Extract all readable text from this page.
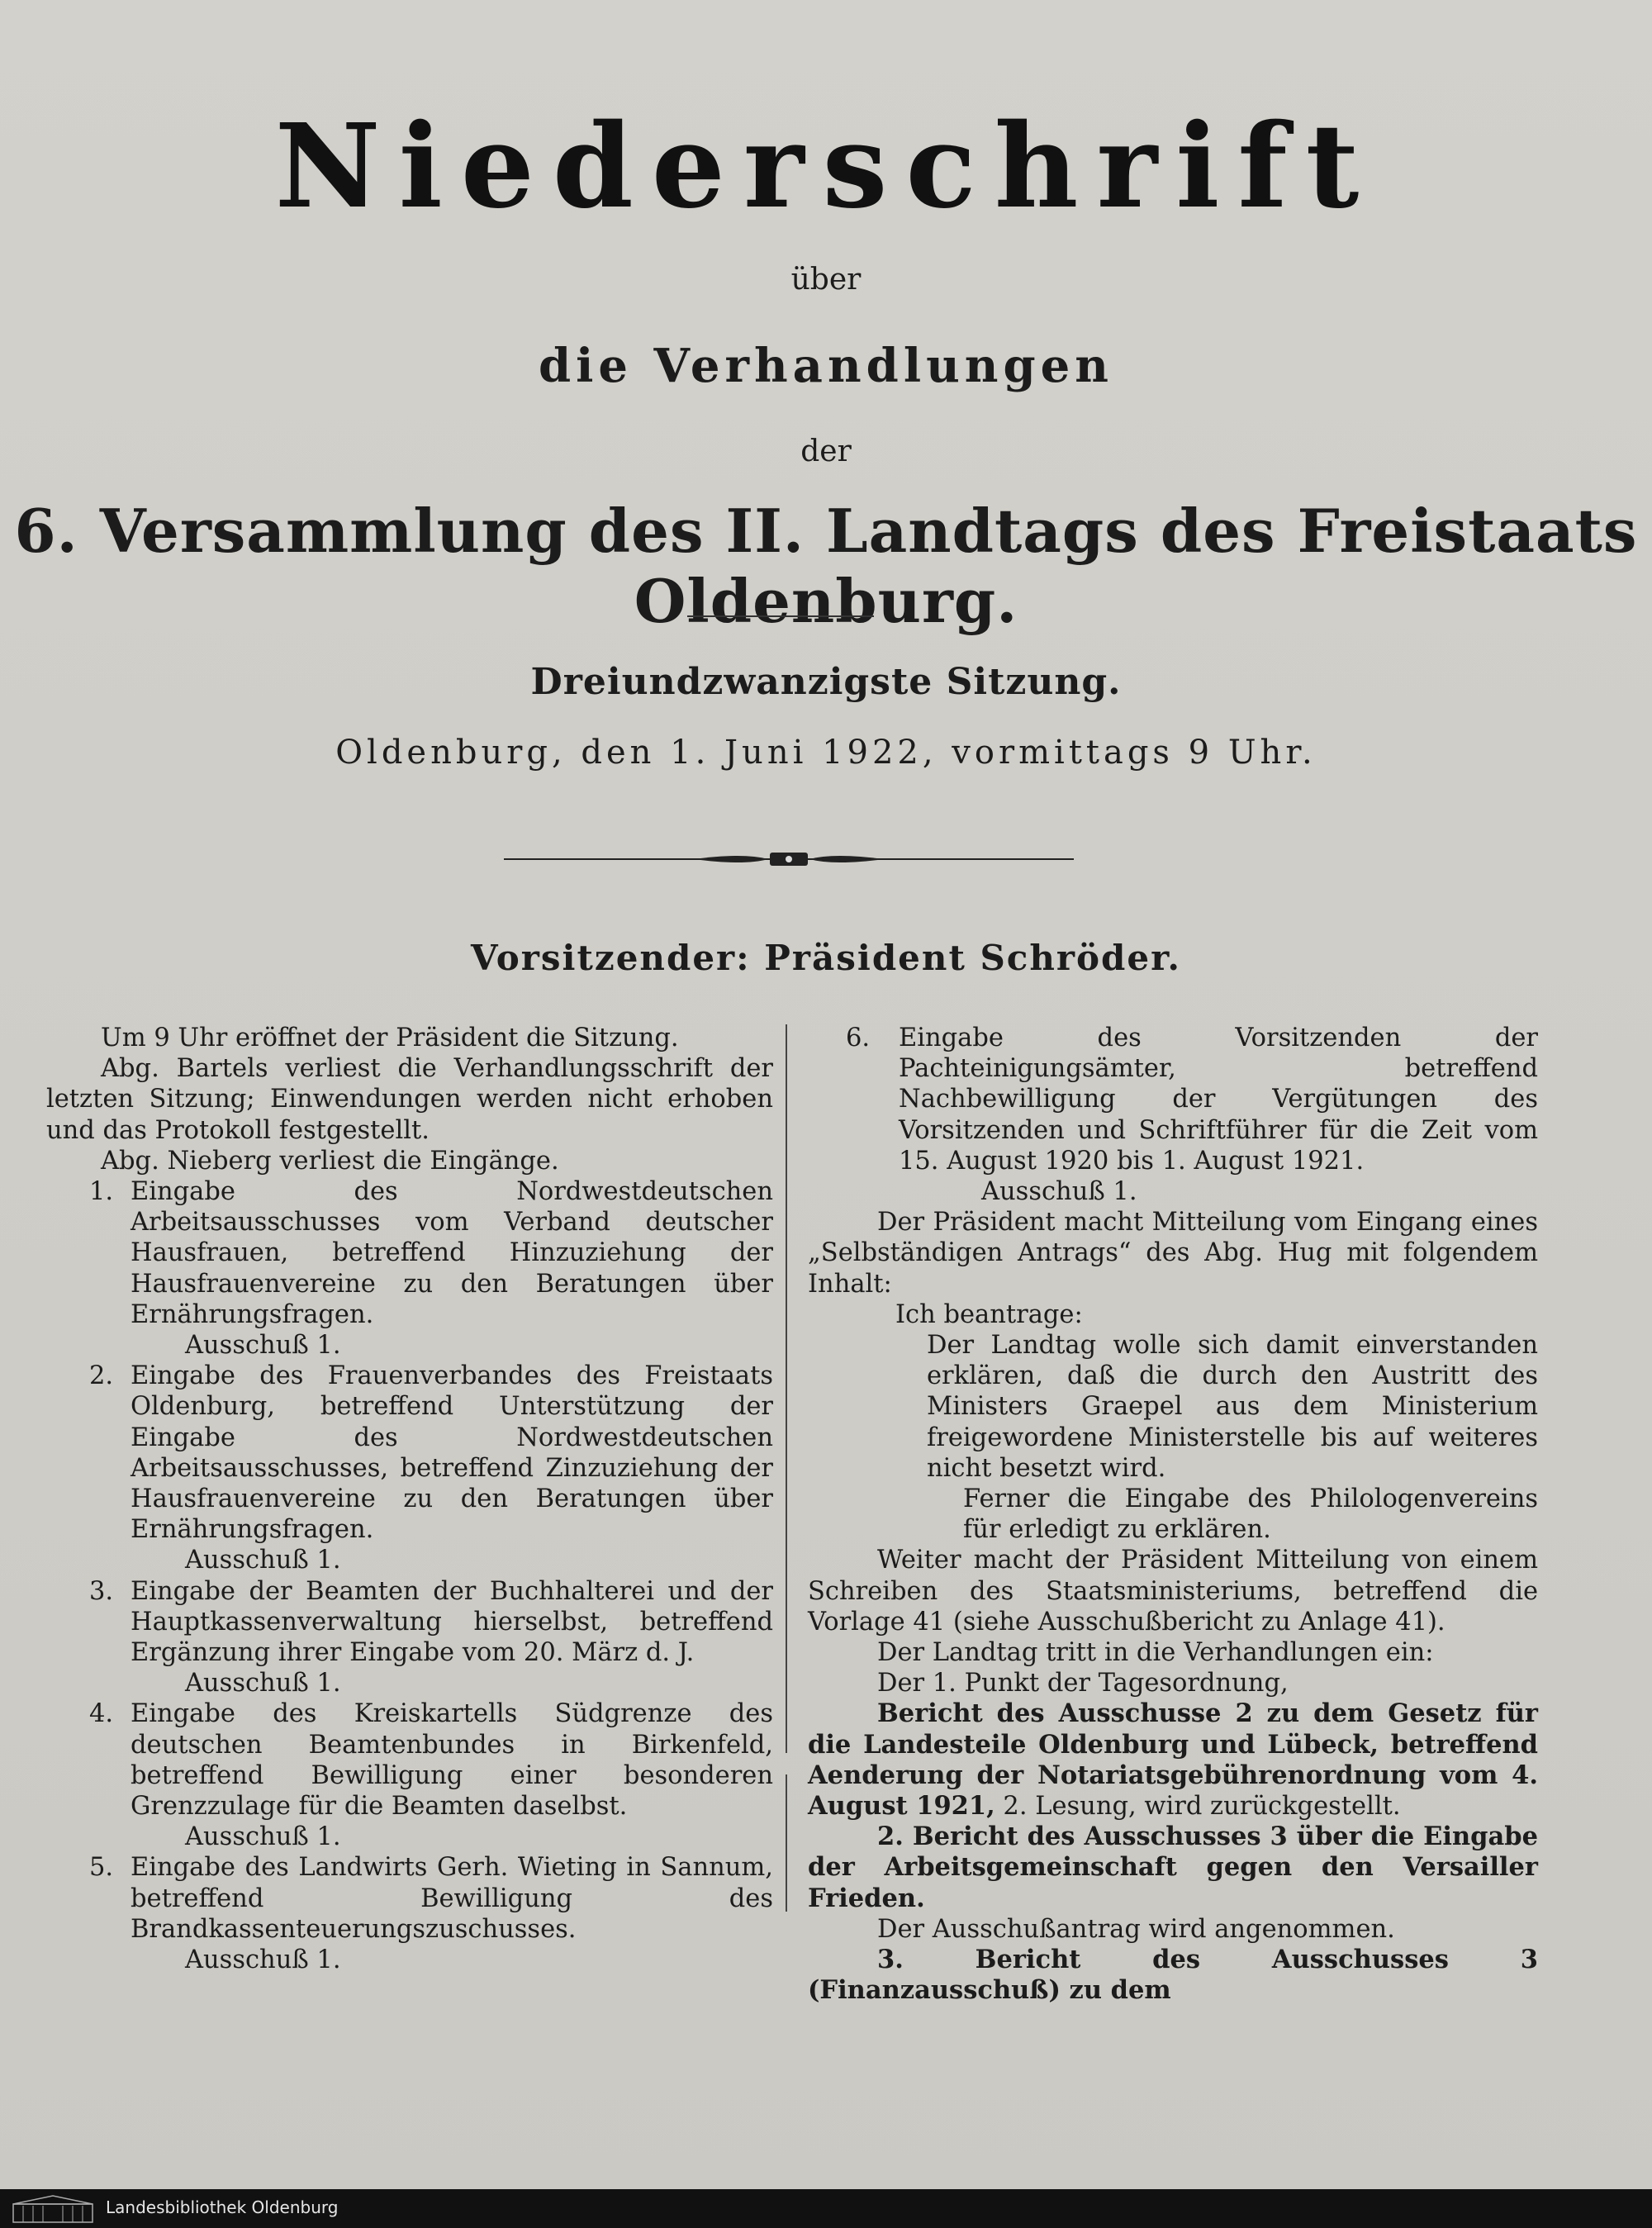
Niederschrift
über
die Verhandlungen
der
6. Versammlung des II. Landtags des Freistaats Oldenburg.
Dreiundzwanzigste Sitzung.
Oldenburg, den 1. Juni 1922, vormittags 9 Uhr.
Vorsitzender: Präsident Schröder.

Um 9 Uhr eröffnet der Präsident die Sitzung.

Abg. Bartels verliest die Verhandlungsschrift der letzten Sitzung; Einwendungen werden nicht erhoben und das Protokoll festgestellt.

Abg. Nieberg verliest die Eingänge.

1. Eingabe des Nordwestdeutschen Arbeitsausschusses vom Verband deutscher Hausfrauen, betreffend Hinzuziehung der Hausfrauenvereine zu den Beratungen über Ernährungsfragen.

Ausschuß 1.

2. Eingabe des Frauenverbandes des Freistaats Oldenburg, betreffend Unterstützung der Eingabe des Nordwestdeutschen Arbeitsausschusses, betreffend Zinzuziehung der Hausfrauenvereine zu den Beratungen über Ernährungsfragen.

Ausschuß 1.

3. Eingabe der Beamten der Buchhalterei und der Hauptkassenverwaltung hierselbst, betreffend Ergänzung ihrer Eingabe vom 20. März d. J.

Ausschuß 1.

4. Eingabe des Kreiskartells Südgrenze des deutschen Beamtenbundes in Birkenfeld, betreffend Bewilligung einer besonderen Grenzzulage für die Beamten daselbst.

Ausschuß 1.

5. Eingabe des Landwirts Gerh. Wieting in Sannum, betreffend Bewilligung des Brandkassenteuerungszuschusses.

Ausschuß 1.

6. Eingabe des Vorsitzenden der Pachteinigungsämter, betreffend Nachbewilligung der Vergütungen des Vorsitzenden und Schriftführer für die Zeit vom 15. August 1920 bis 1. August 1921.

Ausschuß 1.

Der Präsident macht Mitteilung vom Eingang eines „Selbständigen Antrags“ des Abg. Hug mit folgendem Inhalt:

Ich beantrage:

Der Landtag wolle sich damit einverstanden erklären, daß die durch den Austritt des Ministers Graepel aus dem Ministerium freigewordene Ministerstelle bis auf weiteres nicht besetzt wird.

Ferner die Eingabe des Philologenvereins für erledigt zu erklären.

Weiter macht der Präsident Mitteilung von einem Schreiben des Staatsministeriums, betreffend die Vorlage 41 (siehe Ausschußbericht zu Anlage 41).

Der Landtag tritt in die Verhandlungen ein:

Der 1. Punkt der Tagesordnung,

Bericht des Ausschusse 2 zu dem Gesetz für die Landesteile Oldenburg und Lübeck, betreffend Aenderung der Notariatsgebührenordnung vom 4. August 1921, 2. Lesung, wird zurückgestellt.

2. Bericht des Ausschusses 3 über die Eingabe der Arbeitsgemeinschaft gegen den Versailler Frieden.

Der Ausschußantrag wird angenommen.

3. Bericht des Ausschusses 3 (Finanzausschuß) zu dem

Landesbibliothek Oldenburg
